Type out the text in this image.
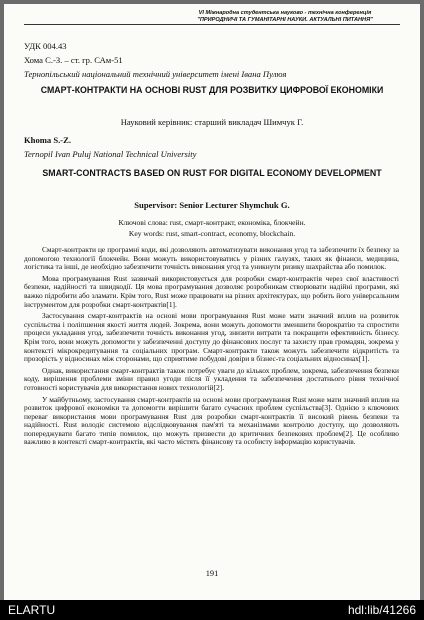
VI Міжнародна студентська науково - технічна конференція
"ПРИРОДНИЧІ ТА ГУМАНІТАРНІ НАУКИ. АКТУАЛЬНІ ПИТАННЯ"
УДК 004.43
Хома С.-З. – ст. гр. САм-51
Тернопільський національний технічний університет імені Івана Пулюя
СМАРТ-КОНТРАКТИ НА ОСНОВІ RUST ДЛЯ РОЗВИТКУ ЦИФРОВОЇ ЕКОНОМІКИ
Науковий керівник: старший викладач Шимчук Г.
Khoma S.-Z.
Ternopil Ivan Puluj National Technical University
SMART-CONTRACTS BASED ON RUST FOR DIGITAL ECONOMY DEVELOPMENT
Supervisor: Senior Lecturer Shymchuk G.
Ключові слова: rust, смарт-контракт, економіка, блокчейн.
Key words: rust, smart-contract, economy, blockchain.

Смарт-контракти це програмні коди, які дозволяють автоматизувати виконання угод та забезпечити їх безпеку за допомогою технології блокчейн. Вони можуть використовуватись у різних галузях, таких як фінанси, медицина, логістика та інші, де необхідно забезпечити точність виконання угод та уникнути ризику шахрайства або помилок.

Мова програмування Rust зазвичай використовується для розробки смарт-контрактів через свої властивості безпеки, надійності та швидкодії. Ця мова програмування дозволяє розробникам створювати надійні програми, які важко підробити або зламати. Крім того, Rust може працювати на різних архітектурах, що робить його універсальним інструментом для розробки смарт-контрактів[1].

Застосування смарт-контрактів на основі мови програмування Rust може мати значний вплив на розвиток суспільства і поліпшення якості життя людей. Зокрема, вони можуть допомогти зменшити бюрократію та спростити процеси укладання угод, забезпечити точність виконання угод, знизити витрати та покращити ефективність бізнесу. Крім того, вони можуть допомогти у забезпеченні доступу до фінансових послуг та захисту прав громадян, зокрема у контексті мікрокредитування та соціальних програм. Смарт-контракти також можуть забезпечити відкритість та прозорість у відносинах між сторонами, що сприятиме побудові довіри в бізнес-та соціальних відносинах[1].

Однак, використання смарт-контрактів також потребує уваги до кількох проблем, зокрема, забезпечення безпеки коду, вирішення проблеми зміни правил угоди після її укладення та забезпечення достатнього рівня технічної готовності користувачів для використання нових технологій[2].

У майбутньому, застосування смарт-контрактів на основі мови програмування Rust може мати значний вплив на розвиток цифрової економіки та допомогти вирішити багато сучасних проблем суспільства[3]. Однією з ключових переваг використання мови програмування Rust для розробки смарт-контрактів її високий рівень безпеки та надійності. Rust володіє системою відслідковування пам'яті та механізмами контролю доступу, що дозволяють попереджувати багато типів помилок, що можуть призвести до критичних безпекових проблем[2]. Це особливо важливо в контексті смарт-контрактів, які часто містять фінансову та особисту інформацію користувачів.

191
ELARTU	hdl:lib/41266
